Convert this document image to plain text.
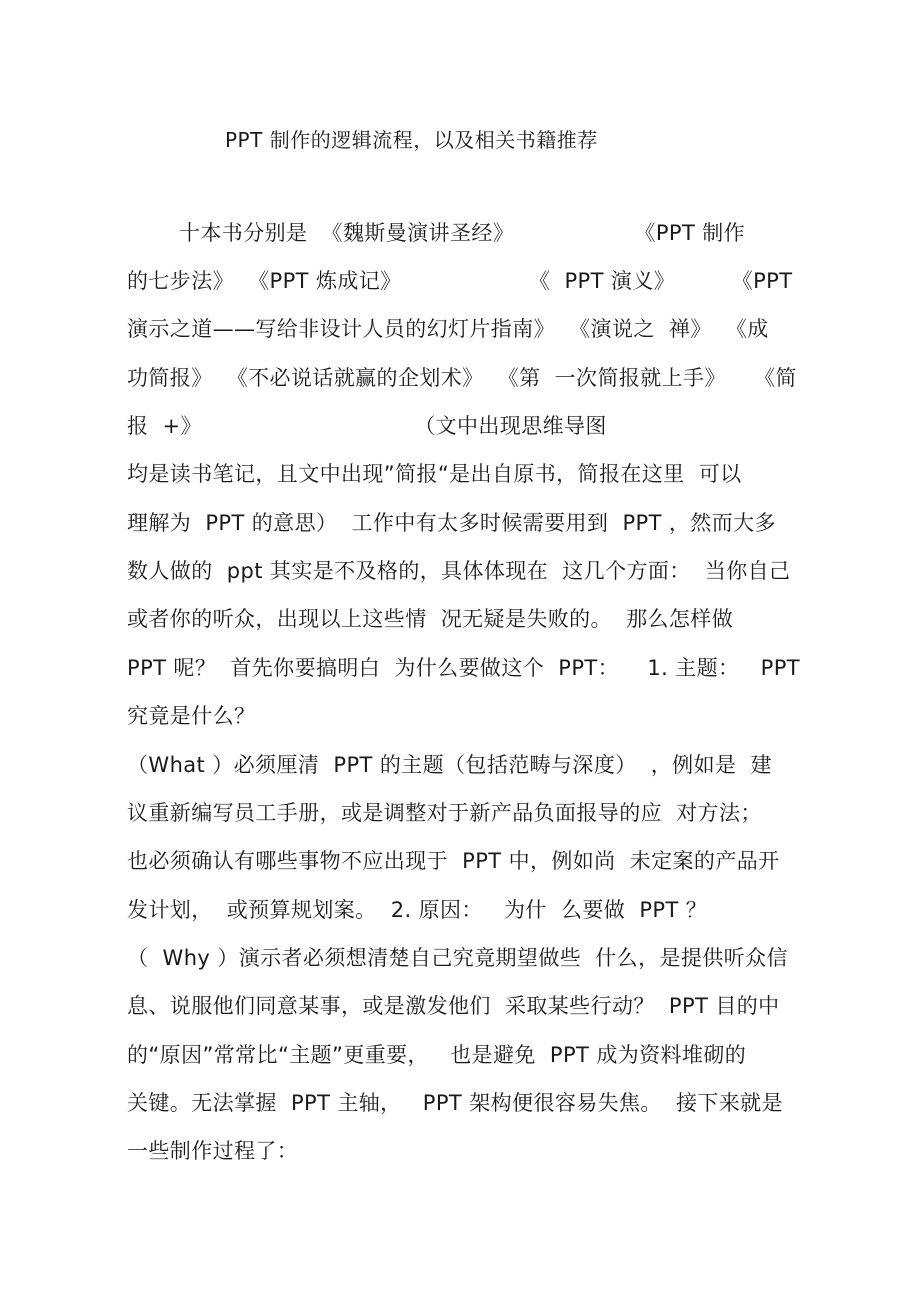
PPT 制作的逻辑流程，以及相关书籍推荐
十本书分别是  《魏斯曼演讲圣经》                 《PPT 制作
的七步法》  《PPT 炼成记》                  《  PPT 演义》        《PPT
演示之道——写给非设计人员的幻灯片指南》  《演说之  禅》  《成
功简报》  《不必说话就赢的企划术》  《第  一次简报就上手》    《简
报  +》                              （文中出现思维导图
均是读书笔记，且文中出现”简报“是出自原书，简报在这里  可以
理解为  PPT 的意思）  工作中有太多时候需要用到  PPT ，然而大多
数人做的  ppt 其实是不及格的，具体体现在  这几个方面：  当你自己
或者你的听众，出现以上这些情  况无疑是失败的。  那么怎样做
PPT 呢？  首先你要搞明白  为什么要做这个  PPT：    1. 主题：   PPT
究竟是什么？
（What ）必须厘清  PPT 的主题（包括范畴与深度）  ，例如是  建
议重新编写员工手册，或是调整对于新产品负面报导的应  对方法；
也必须确认有哪些事物不应出现于  PPT 中，例如尚  未定案的产品开
发计划，  或预算规划案。  2. 原因：   为什  么要做  PPT ？
（  Why ）演示者必须想清楚自己究竟期望做些  什么，是提供听众信
息、说服他们同意某事，或是激发他们  采取某些行动？  PPT 目的中
的“原因”常常比“主题”更重要，   也是避免  PPT 成为资料堆砌的
关键。无法掌握  PPT 主轴，   PPT 架构便很容易失焦。  接下来就是
一些制作过程了：
